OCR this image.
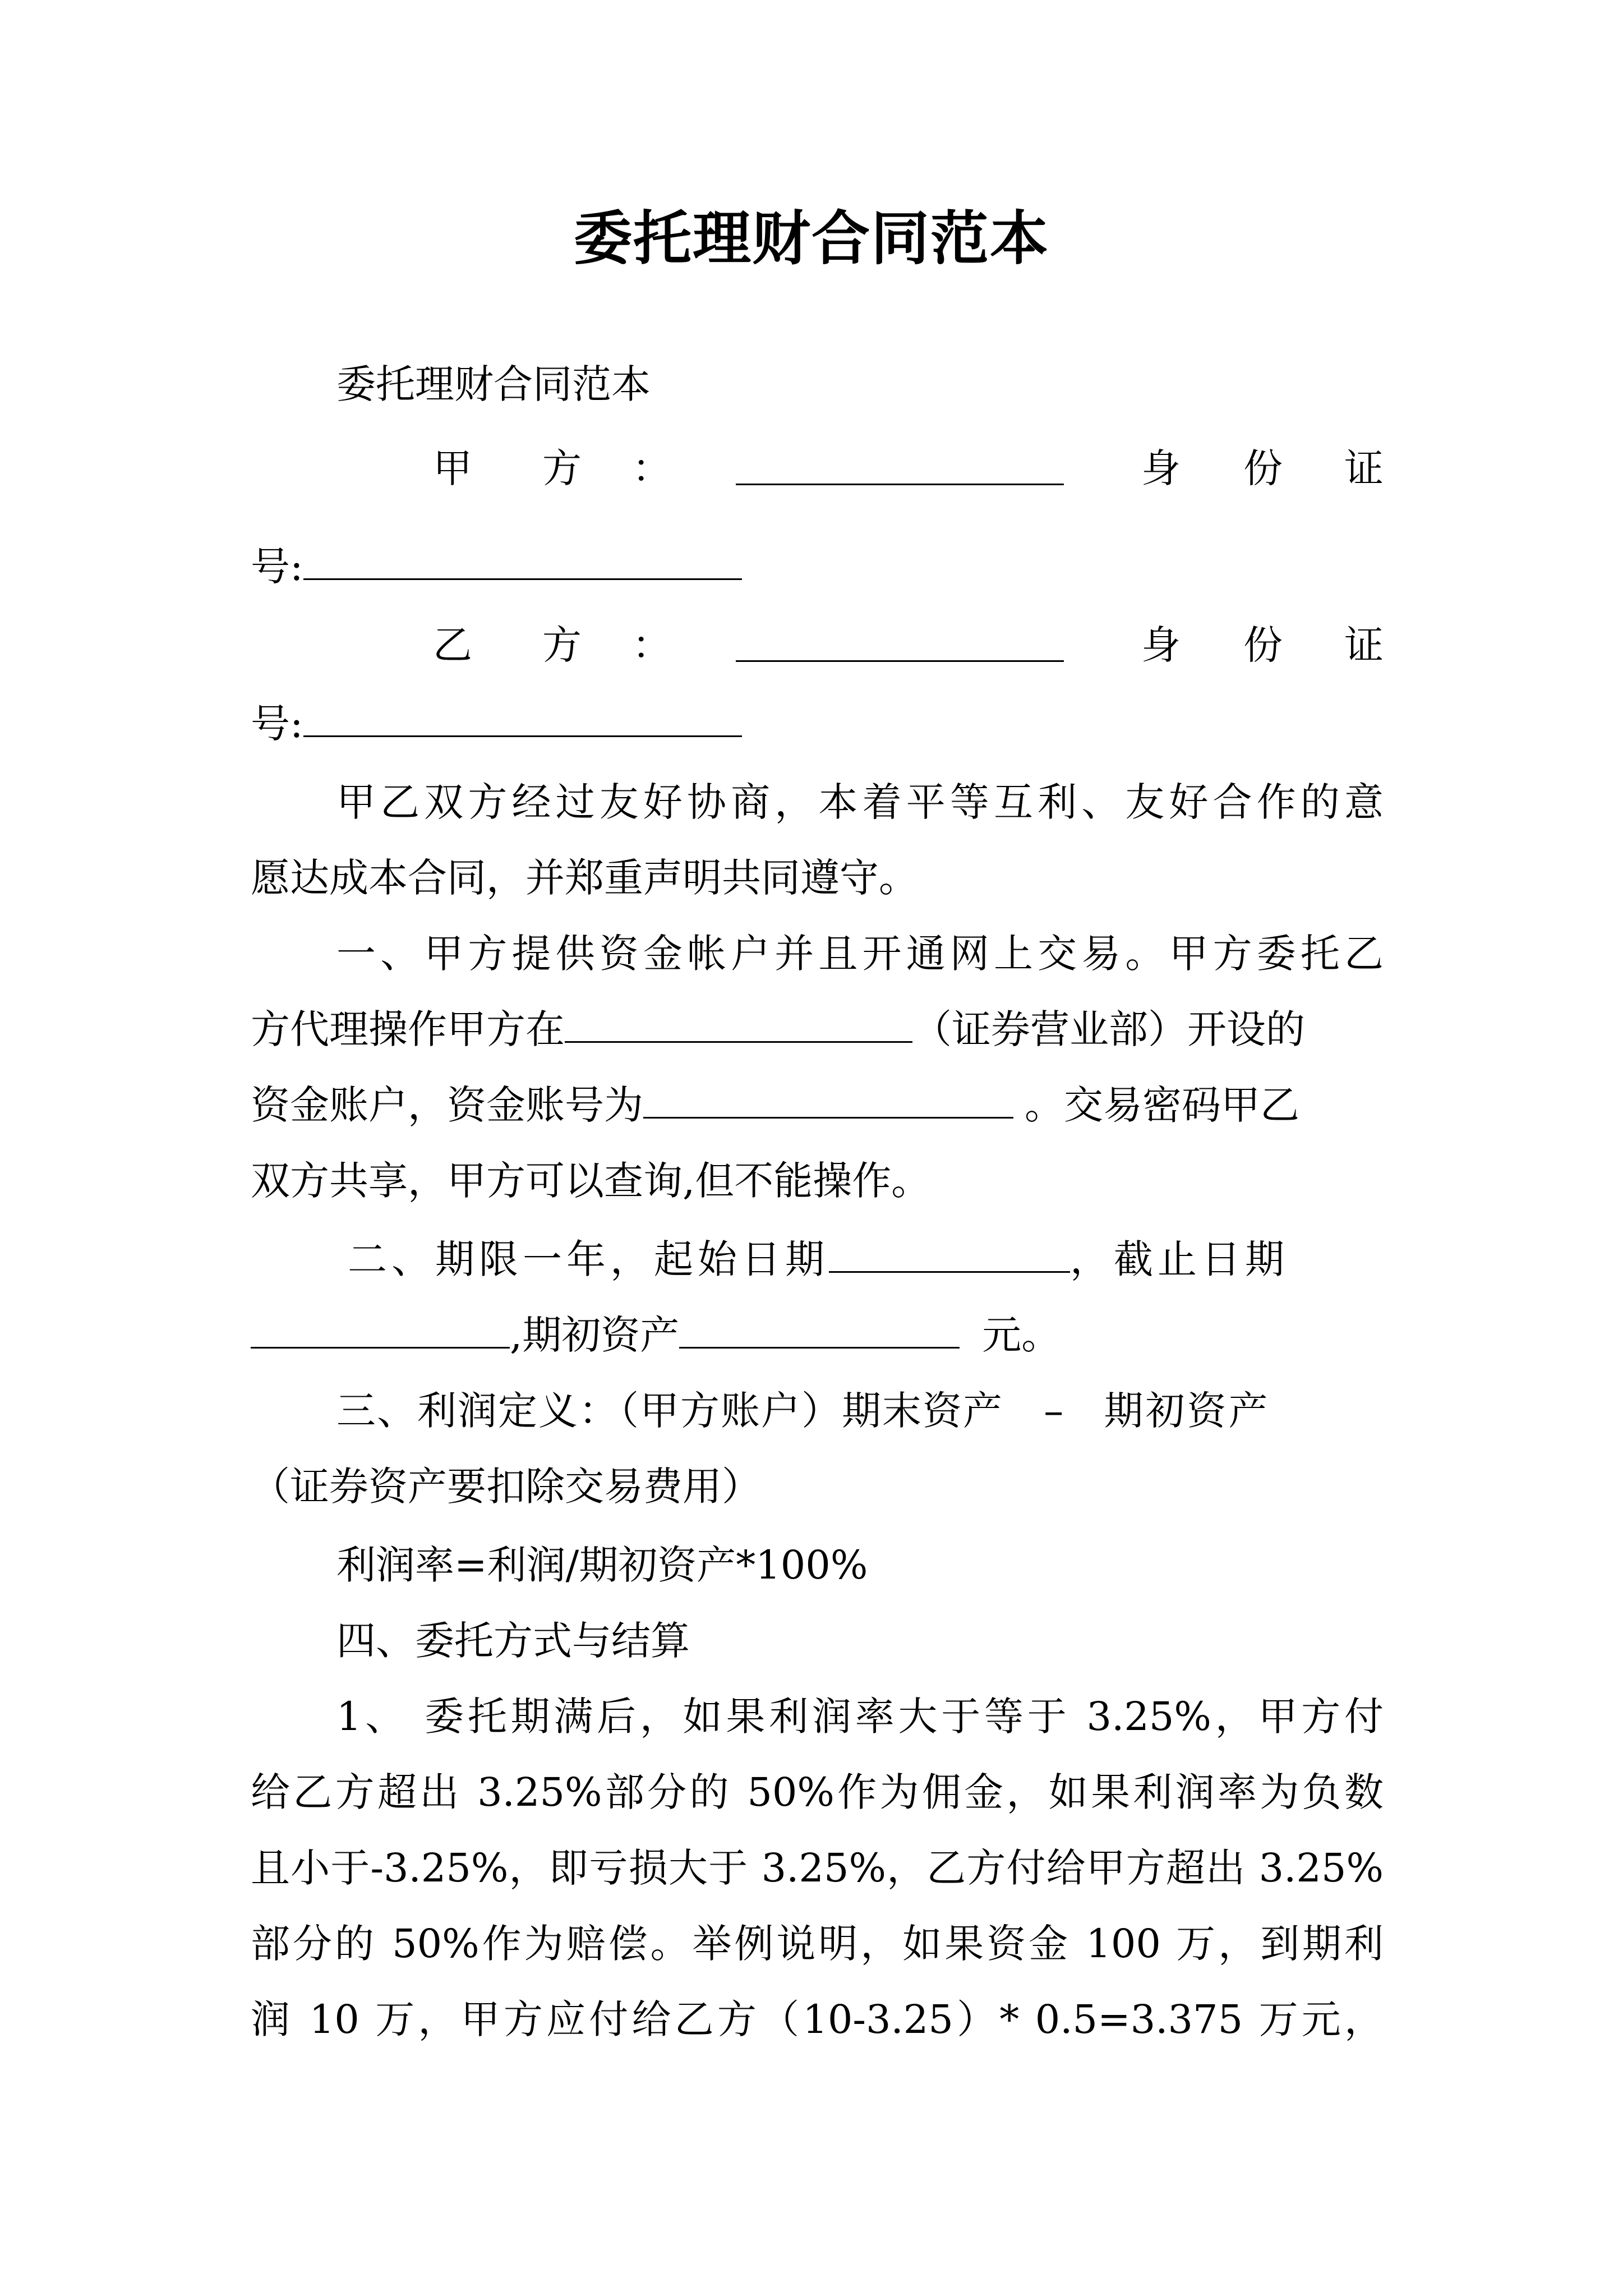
委托理财合同范本
委托理财合同范本
甲 方 ：	身 份 证
号:
乙 方 ：	身 份 证
号:
甲乙双方经过友好协商，本着平等互利、友好合作的意
愿达成本合同，并郑重声明共同遵守。
一、甲方提供资金帐户并且开通网上交易。甲方委托乙
方代理操作甲方在	（证券营业部）开设的
资金账户，资金账号为	。交易密码甲乙
双方共享，甲方可以查询,但不能操作。
二、期限一年，起始日期	，截止日期
,期初资产	元。
三、利润定义：（甲方账户）期末资产 – 期初资产
（证券资产要扣除交易费用）
利润率=利润/期初资产*100%
四、委托方式与结算
1、 委托期满后，如果利润率大于等于 3.25%，甲方付
给乙方超出 3.25%部分的 50%作为佣金，如果利润率为负数
且小于-3.25%，即亏损大于 3.25%，乙方付给甲方超出 3.25%
部分的 50%作为赔偿。举例说明，如果资金 100 万，到期利
润 10 万，甲方应付给乙方（10-3.25）* 0.5=3.375 万元，
